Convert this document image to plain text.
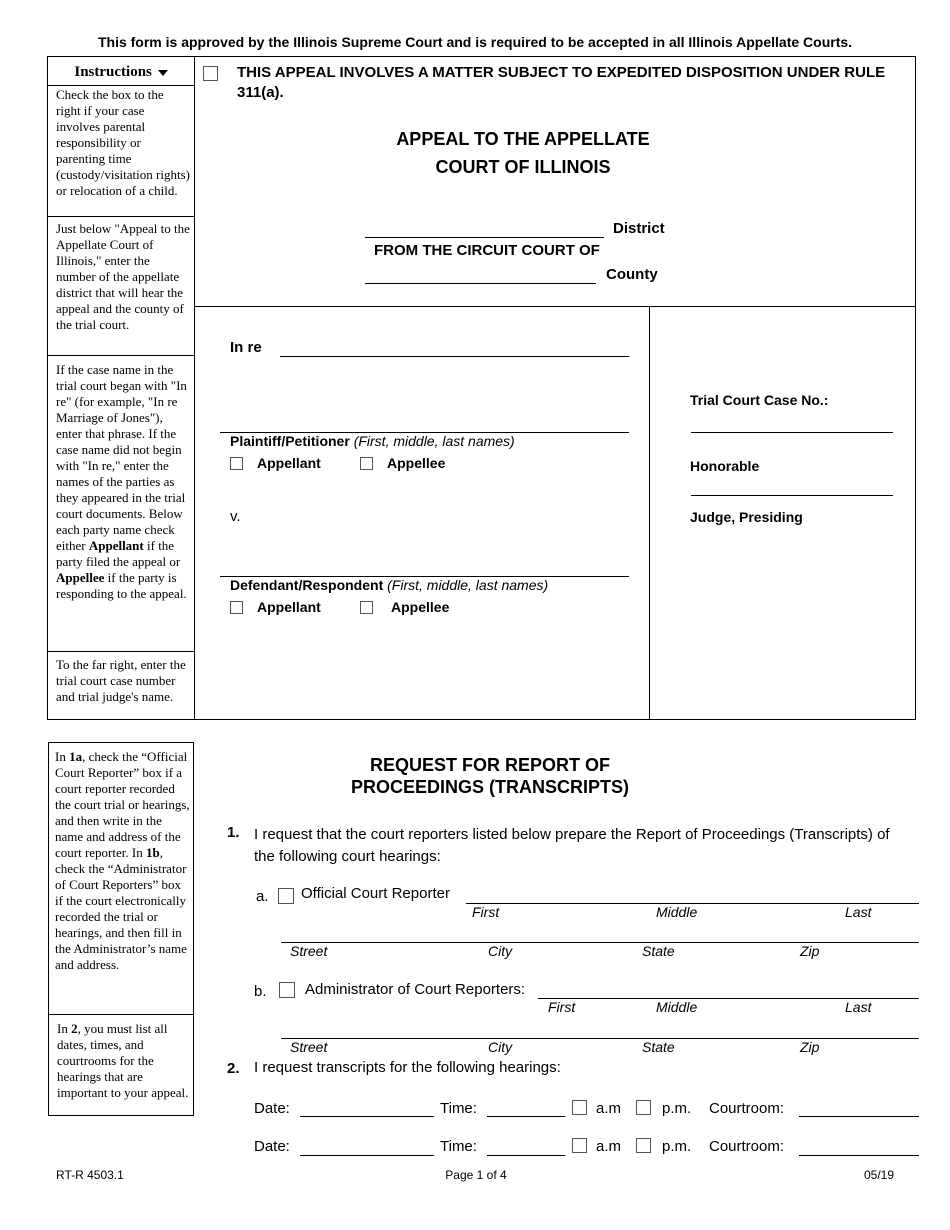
This form is approved by the Illinois Supreme Court and is required to be accepted in all Illinois Appellate Courts.
Instructions
Check the box to the right if your case involves parental responsibility or parenting time (custody/visitation rights) or relocation of a child.
Just below "Appeal to the Appellate Court of Illinois," enter the number of the appellate district that will hear the appeal and the county of the trial court.
If the case name in the trial court began with "In re" (for example, "In re Marriage of Jones"), enter that phrase. If the case name did not begin with "In re," enter the names of the parties as they appeared in the trial court documents. Below each party name check either Appellant if the party filed the appeal or Appellee if the party is responding to the appeal.
To the far right, enter the trial court case number and trial judge's name.
THIS APPEAL INVOLVES A MATTER SUBJECT TO EXPEDITED DISPOSITION UNDER RULE 311(a).
APPEAL TO THE APPELLATE
COURT OF ILLINOIS
District
FROM THE CIRCUIT COURT OF
County
In re
Plaintiff/Petitioner (First, middle, last names)
Appellant	Appellee
v.
Defendant/Respondent (First, middle, last names)
Appellant	Appellee
Trial Court Case No.:
Honorable
Judge, Presiding
In 1a, check the “Official Court Reporter” box if a court reporter recorded the court trial or hearings, and then write in the name and address of the court reporter. In 1b, check the “Administrator of Court Reporters” box if the court electronically recorded the trial or hearings, and then fill in the Administrator’s name and address.
In 2, you must list all dates, times, and courtrooms for the hearings that are important to your appeal.
REQUEST FOR REPORT OF
PROCEEDINGS (TRANSCRIPTS)
1. I request that the court reporters listed below prepare the Report of Proceedings (Transcripts) of the following court hearings:
a. Official Court Reporter
First	Middle	Last
Street	City	State	Zip
b.	Administrator of Court Reporters:
First	Middle	Last
Street	City	State	Zip
2. I request transcripts for the following hearings:
Date:	Time:	a.m	p.m. Courtroom:
Date:	Time:	a.m	p.m. Courtroom:
RT-R 4503.1	Page 1 of 4	05/19
